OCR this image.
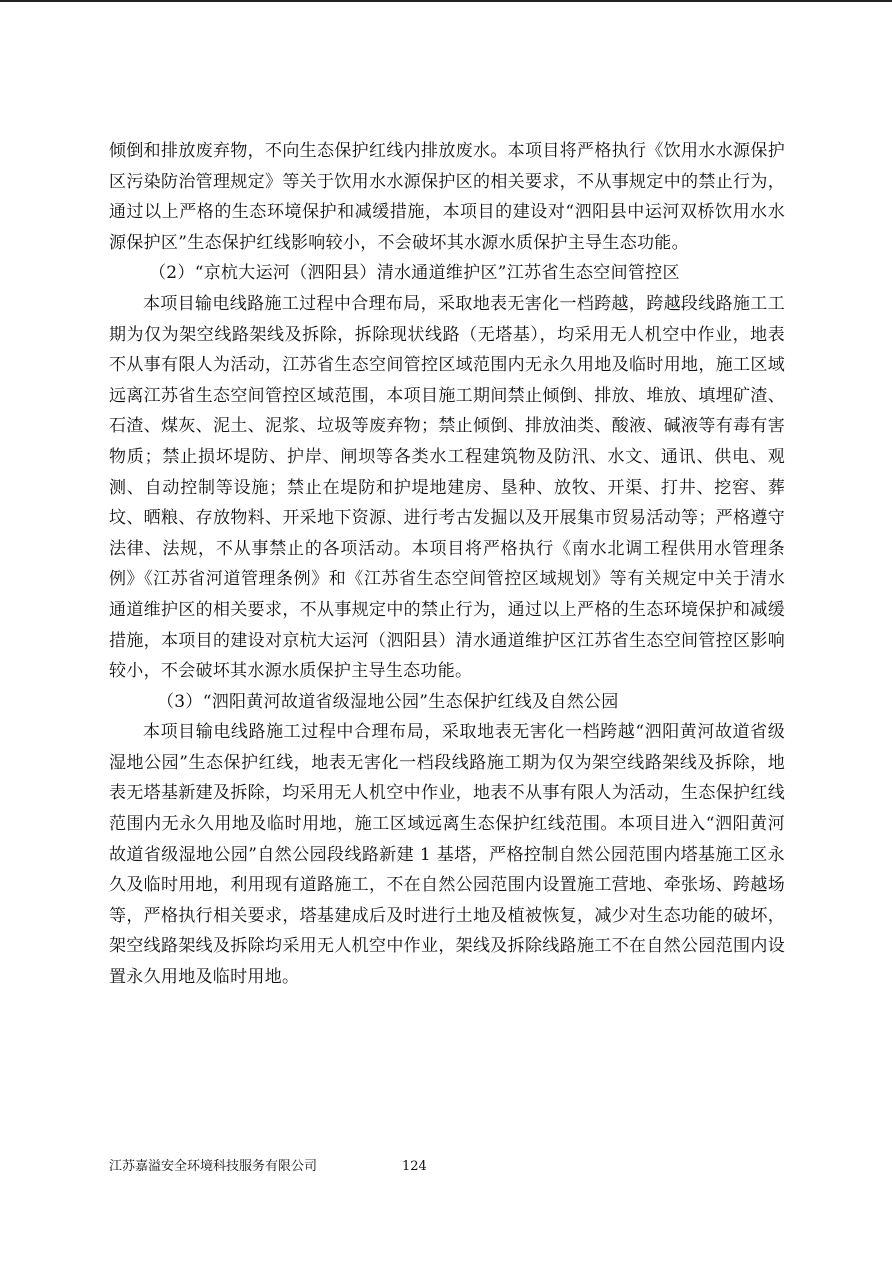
倾倒和排放废弃物，不向生态保护红线内排放废水。本项目将严格执行《饮用水水源保护区污染防治管理规定》等关于饮用水水源保护区的相关要求，不从事规定中的禁止行为，通过以上严格的生态环境保护和减缓措施，本项目的建设对“泗阳县中运河双桥饮用水水源保护区”生态保护红线影响较小，不会破坏其水源水质保护主导生态功能。

（2）“京杭大运河（泗阳县）清水通道维护区”江苏省生态空间管控区

本项目输电线路施工过程中合理布局，采取地表无害化一档跨越，跨越段线路施工工期为仅为架空线路架线及拆除，拆除现状线路（无塔基），均采用无人机空中作业，地表不从事有限人为活动，江苏省生态空间管控区域范围内无永久用地及临时用地，施工区域远离江苏省生态空间管控区域范围，本项目施工期间禁止倾倒、排放、堆放、填埋矿渣、石渣、煤灰、泥土、泥浆、垃圾等废弃物；禁止倾倒、排放油类、酸液、碱液等有毒有害物质；禁止损坏堤防、护岸、闸坝等各类水工程建筑物及防汛、水文、通讯、供电、观测、自动控制等设施；禁止在堤防和护堤地建房、垦种、放牧、开渠、打井、挖窖、葬坟、晒粮、存放物料、开采地下资源、进行考古发掘以及开展集市贸易活动等；严格遵守法律、法规，不从事禁止的各项活动。本项目将严格执行《南水北调工程供用水管理条例》《江苏省河道管理条例》和《江苏省生态空间管控区域规划》等有关规定中关于清水通道维护区的相关要求，不从事规定中的禁止行为，通过以上严格的生态环境保护和减缓措施，本项目的建设对京杭大运河（泗阳县）清水通道维护区江苏省生态空间管控区影响较小，不会破坏其水源水质保护主导生态功能。

（3）“泗阳黄河故道省级湿地公园”生态保护红线及自然公园

本项目输电线路施工过程中合理布局，采取地表无害化一档跨越“泗阳黄河故道省级湿地公园”生态保护红线，地表无害化一档段线路施工期为仅为架空线路架线及拆除，地表无塔基新建及拆除，均采用无人机空中作业，地表不从事有限人为活动，生态保护红线范围内无永久用地及临时用地，施工区域远离生态保护红线范围。本项目进入“泗阳黄河故道省级湿地公园”自然公园段线路新建 1 基塔，严格控制自然公园范围内塔基施工区永久及临时用地，利用现有道路施工，不在自然公园范围内设置施工营地、牵张场、跨越场等，严格执行相关要求，塔基建成后及时进行土地及植被恢复，减少对生态功能的破坏，架空线路架线及拆除均采用无人机空中作业，架线及拆除线路施工不在自然公园范围内设置永久用地及临时用地。

江苏嘉溢安全环境科技服务有限公司	124
